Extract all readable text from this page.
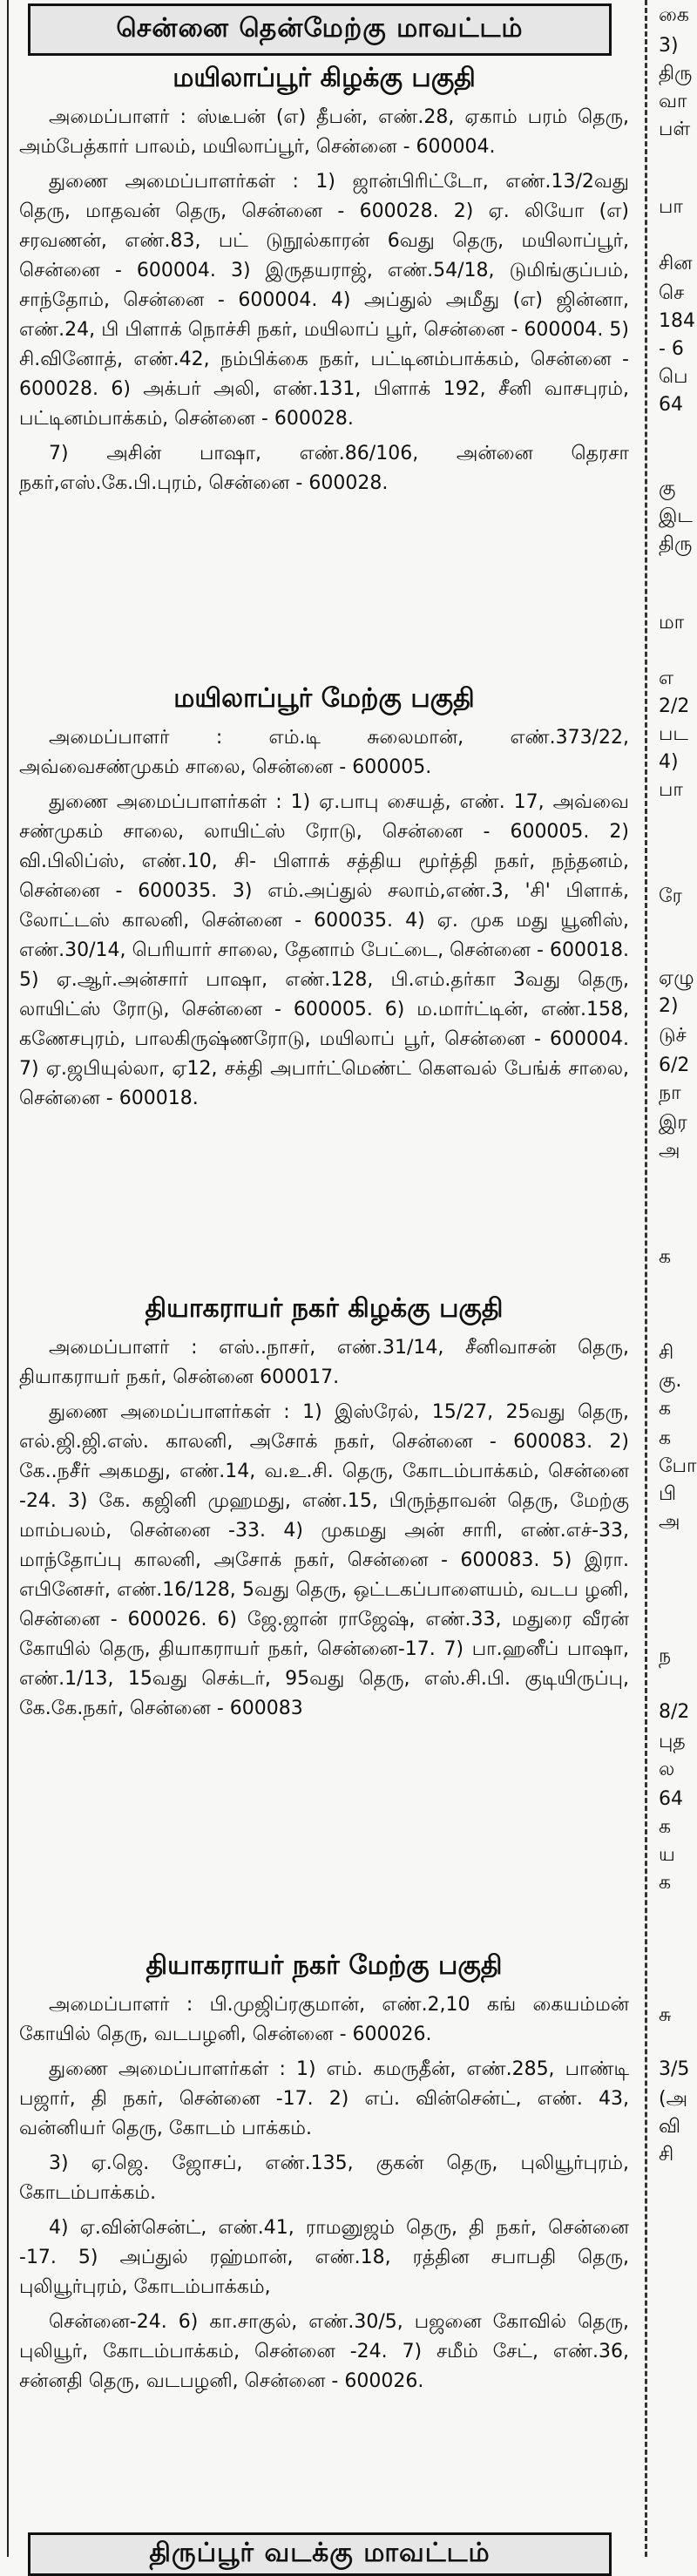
சென்னை தென்மேற்கு மாவட்டம்
மயிலாப்பூர் கிழக்கு பகுதி

அமைப்பாளர் : ஸ்டீபன் (எ) தீபன், எண்.28, ஏகாம் பரம் தெரு, அம்பேத்கார் பாலம், மயிலாப்பூர், சென்னை - 600004.

துணை அமைப்பாளர்கள் : 1) ஜான்பிரிட்டோ, எண்.13/2வது தெரு, மாதவன் தெரு, சென்னை - 600028. 2) ஏ. லியோ (எ) சரவணன், எண்.83, பட் டுநூல்காரன் 6வது தெரு, மயிலாப்பூர், சென்னை - 600004. 3) இருதயராஜ், எண்.54/18, டுமிங்குப்பம், சாந்தோம், சென்னை - 600004. 4) அப்துல் அமீது (எ) ஜின்னா, எண்.24, பி பிளாக் நொச்சி நகர், மயிலாப் பூர், சென்னை - 600004. 5) சி.வினோத், எண்.42, நம்பிக்கை நகர், பட்டினம்பாக்கம், சென்னை - 600028. 6) அக்பர் அலி, எண்.131, பிளாக் 192, சீனி வாசபுரம், பட்டினம்பாக்கம், சென்னை - 600028.

7) அசின் பாஷா, எண்.86/106, அன்னை தெரசா நகர்,எஸ்.கே.பி.புரம், சென்னை - 600028.

மயிலாப்பூர் மேற்கு பகுதி

அமைப்பாளர் : எம்.டி சுலைமான், எண்.373/22, அவ்வைசண்முகம் சாலை, சென்னை - 600005.

துணை அமைப்பாளர்கள் : 1) ஏ.பாபு சையத், எண். 17, அவ்வை சண்முகம் சாலை, லாயிட்ஸ் ரோடு, சென்னை - 600005. 2) வி.பிலிப்ஸ், எண்.10, சி- பிளாக் சத்திய மூர்த்தி நகர், நந்தனம், சென்னை - 600035. 3) எம்.அப்துல் சலாம்,எண்.3, 'சி' பிளாக், லோட்டஸ் காலனி, சென்னை - 600035. 4) ஏ. முக மது யூனிஸ், எண்.30/14, பெரியார் சாலை, தேனாம் பேட்டை, சென்னை - 600018. 5) ஏ.ஆர்.அன்சார் பாஷா, எண்.128, பி.எம்.தர்கா 3வது தெரு, லாயிட்ஸ் ரோடு, சென்னை - 600005. 6) ம.மார்ட்டின், எண்.158, கணேசபுரம், பாலகிருஷ்ணரோடு, மயிலாப் பூர், சென்னை - 600004. 7) ஏ.ஜபியுல்லா, ஏ12, சக்தி அபார்ட்மெண்ட் கௌவல் பேங்க் சாலை, சென்னை - 600018.

தியாகராயர் நகர் கிழக்கு பகுதி

அமைப்பாளர் : எஸ்..நாசர், எண்.31/14, சீனிவாசன் தெரு, தியாகராயர் நகர், சென்னை 600017.

துணை அமைப்பாளர்கள் : 1) இஸ்ரேல், 15/27, 25வது தெரு, எல்.ஜி.ஜி.எஸ். காலனி, அசோக் நகர், சென்னை - 600083. 2) கே..நசீர் அகமது, எண்.14, வ.உ.சி. தெரு, கோடம்பாக்கம், சென்னை -24. 3) கே. கஜினி முஹமது, எண்.15, பிருந்தாவன் தெரு, மேற்கு மாம்பலம், சென்னை -33. 4) முகமது அன் சாரி, எண்.எச்-33, மாந்தோப்பு காலனி, அசோக் நகர், சென்னை - 600083. 5) இரா. எபினேசர், எண்.16/128, 5வது தெரு, ஒட்டகப்பாளையம், வடப ழனி, சென்னை - 600026. 6) ஜே.ஜான் ராஜேஷ், எண்.33, மதுரை வீரன் கோயில் தெரு, தியாகராயர் நகர், சென்னை-17. 7) பா.ஹனீப் பாஷா, எண்.1/13, 15வது செக்டர், 95வது தெரு, எஸ்.சி.பி. குடியிருப்பு, கே.கே.நகர், சென்னை - 600083

தியாகராயர் நகர் மேற்கு பகுதி

அமைப்பாளர் : பி.முஜிப்ரகுமான், எண்.2,10 கங் கையம்மன் கோயில் தெரு, வடபழனி, சென்னை - 600026.

துணை அமைப்பாளர்கள் : 1) எம். கமருதீன், எண்.285, பாண்டி பஜார், தி நகர், சென்னை -17. 2) எப். வின்சென்ட், எண். 43, வன்னியர் தெரு, கோடம் பாக்கம்.

3) ஏ.ஜெ. ஜோசப், எண்.135, குகன் தெரு, புலியூர்புரம், கோடம்பாக்கம்.

4) ஏ.வின்சென்ட், எண்.41, ராமனுஜம் தெரு, தி நகர், சென்னை -17. 5) அப்துல் ரஹ்மான், எண்.18, ரத்தின சபாபதி தெரு, புலியூர்புரம், கோடம்பாக்கம்,

சென்னை-24. 6) கா.சாகுல், எண்.30/5, பஜனை கோவில் தெரு, புலியூர், கோடம்பாக்கம், சென்னை -24. 7) சமீம் சேட், எண்.36, சன்னதி தெரு, வடபழனி, சென்னை - 600026.

திருப்பூர் வடக்கு மாவட்டம்
கை
3)
திரு
வா
பள்
பா
சின
செ
184
- 6
பெ
64
கு
இட
திரு
மா
எ
2/2
பட
4)
பா
ரே
ஏழு
2)
டுச்
6/2
நா
இர
அ
க
சி
கு.
க
க
போ
பி
அ
ந
8/2
புத
ல
64
க
ய
க
சு
3/5
(அ
வி
சி
